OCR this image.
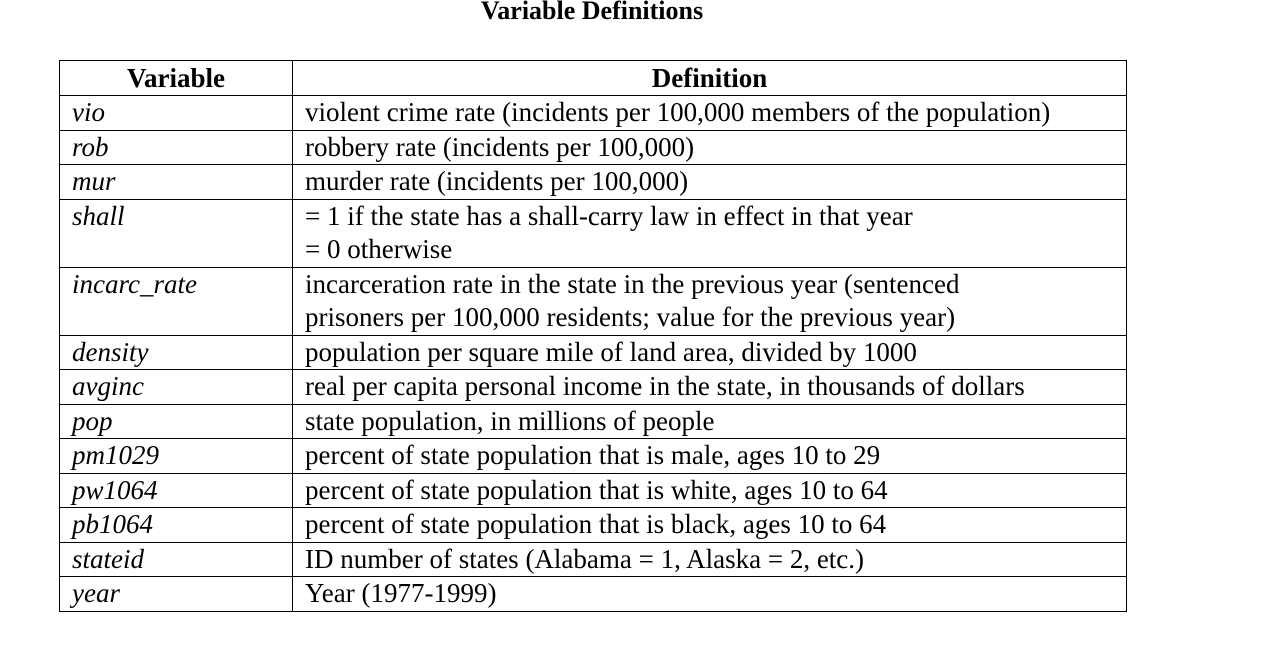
Variable Definitions
Variable	Definition
vio	violent crime rate (incidents per 100,000 members of the population)

rob	robbery rate (incidents per 100,000)

mur	murder rate (incidents per 100,000)

shall	= 1 if the state has a shall-carry law in effect in that year
= 0 otherwise

incarc_rate	incarceration rate in the state in the previous year (sentenced
prisoners per 100,000 residents; value for the previous year)

density	population per square mile of land area, divided by 1000

avginc	real per capita personal income in the state, in thousands of dollars

pop	state population, in millions of people

pm1029	percent of state population that is male, ages 10 to 29

pw1064	percent of state population that is white, ages 10 to 64

pb1064	percent of state population that is black, ages 10 to 64

stateid	ID number of states (Alabama = 1, Alaska = 2, etc.)

year	Year (1977-1999)
